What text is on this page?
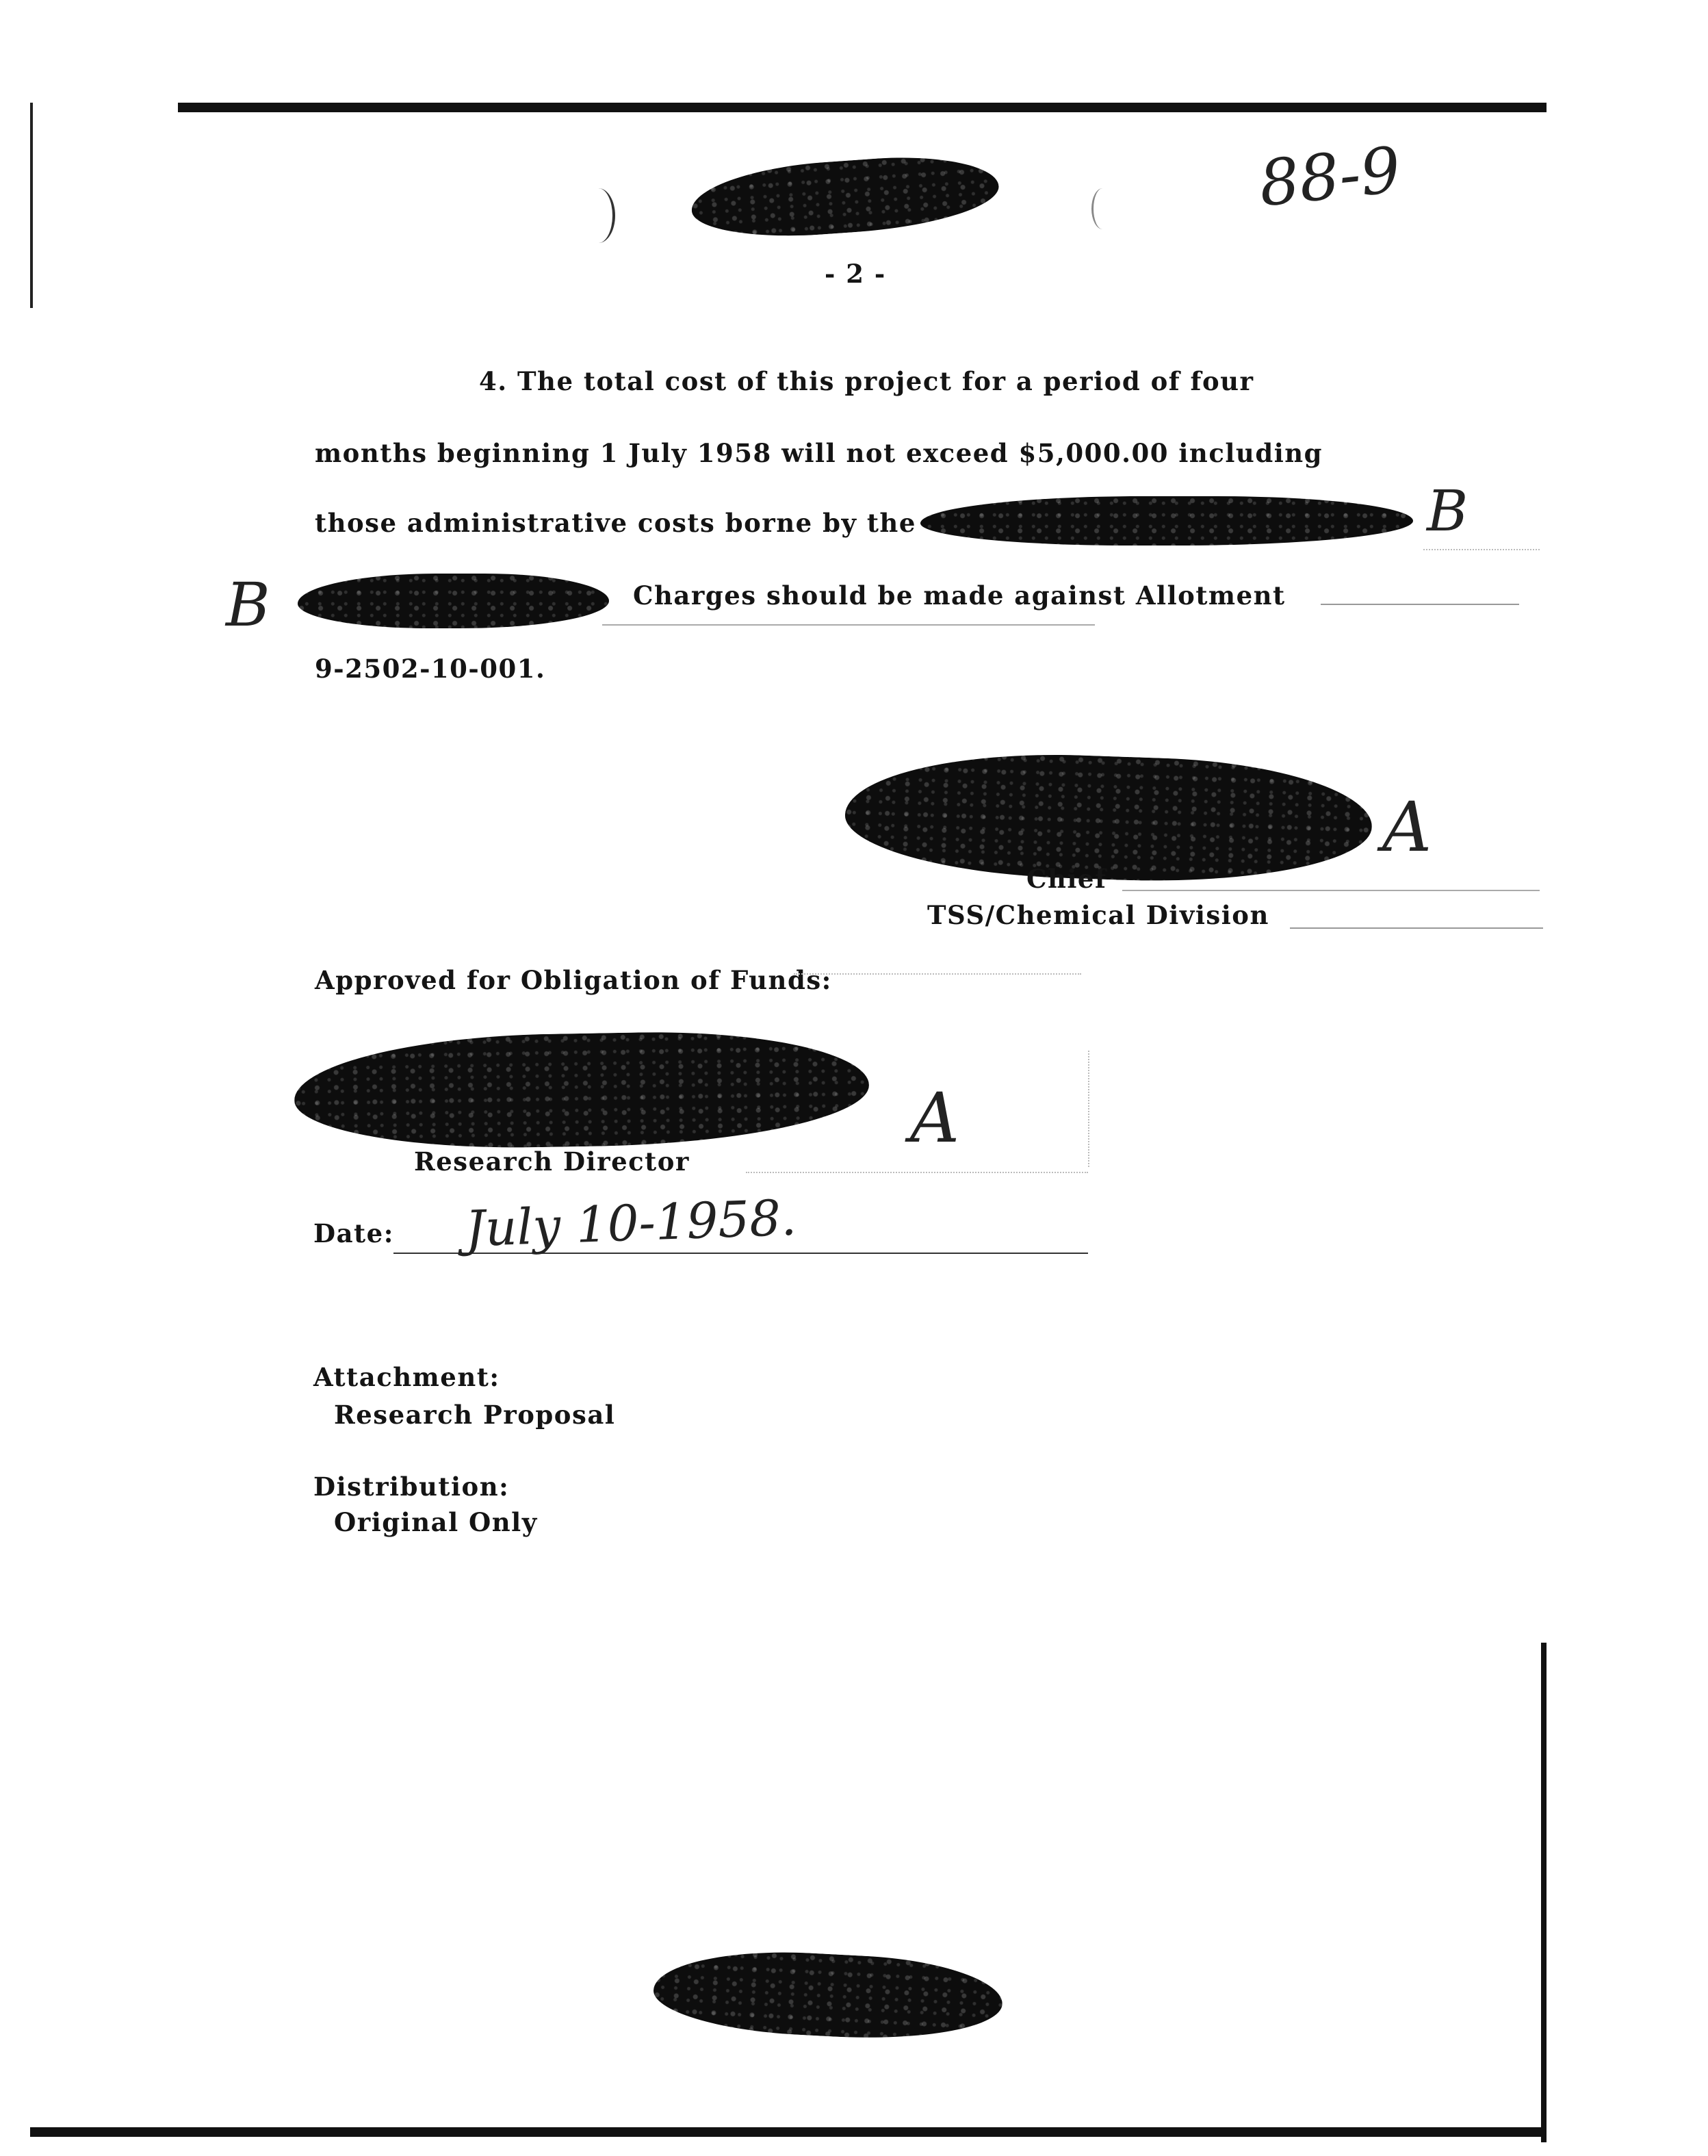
88-9
- 2 -
4. The total cost of this project for a period of four
months beginning 1 July 1958 will not exceed $5,000.00 including
those administrative costs borne by the	B
B	Charges should be made against Allotment
9-2502-10-001.
A
Chief
TSS/Chemical Division
Approved for Obligation of Funds:
A
Research Director
Date: July 10-1958.
Attachment:
Research Proposal
Distribution:
Original Only
